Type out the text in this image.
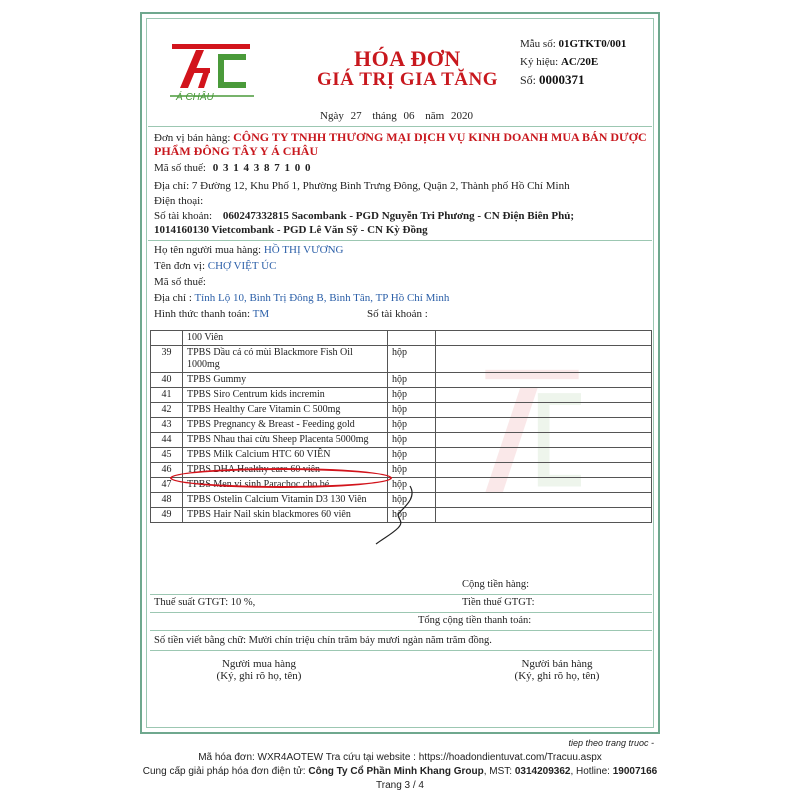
Á CHÂU
HÓA ĐƠN
GIÁ TRỊ GIA TĂNG
Mẫu số: 01GTKT0/001
Ký hiệu: AC/20E
Số: 0000371
Ngày 27 tháng 06 năm 2020
Đơn vị bán hàng: CÔNG TY TNHH THƯƠNG MẠI DỊCH VỤ KINH DOANH MUA BÁN DƯỢC
PHẨM ĐÔNG TÂY Y Á CHÂU
Mã số thuế: 0 3 1 4 3 8 7 1 0 0
Địa chỉ: 7 Đường 12, Khu Phố 1, Phường Bình Trưng Đông, Quận 2, Thành phố Hồ Chí Minh
Điện thoại:
Số tài khoản: 060247332815 Sacombank - PGD Nguyễn Tri Phương - CN Điện Biên Phủ;
1014160130 Vietcombank - PGD Lê Văn Sỹ - CN Kỳ Đồng
Họ tên người mua hàng: HỒ THỊ VƯƠNG
Tên đơn vị: CHỢ VIỆT ÚC
Mã số thuế:
Địa chỉ : Tỉnh Lộ 10, Bình Trị Đông B, Bình Tân, TP Hồ Chí Minh
Hình thức thanh toán: TM	Số tài khoản :
	100 Viên		
39	TPBS Dầu cá có mùi Blackmore Fish Oil 1000mg	hộp	
40	TPBS Gummy	hộp	
41	TPBS Siro Centrum kids incremin	hộp	
42	TPBS Healthy Care Vitamin C 500mg	hộp	
43	TPBS Pregnancy & Breast - Feeding gold	hộp	
44	TPBS Nhau thai cừu Sheep Placenta 5000mg	hộp	
45	TPBS Milk Calcium HTC 60 VIÊN	hộp	
46	TPBS DHA Healthy care 60 viên	hộp	
47	TPBS Men vi sinh Parachoc cho bé	hộp	
48	TPBS Ostelin Calcium Vitamin D3 130 Viên	hộp	
49	TPBS Hair Nail skin blackmores 60 viên	hộp	
Cộng tiền hàng:
Thuế suất GTGT: 10 %,	Tiền thuế GTGT:
Tổng cộng tiền thanh toán:
Số tiền viết bằng chữ: Mười chín triệu chín trăm bảy mươi ngàn năm trăm đồng.
Người mua hàng
(Ký, ghi rõ họ, tên)
Người bán hàng
(Ký, ghi rõ họ, tên)
tiep theo trang truoc -
Mã hóa đơn: WXR4AOTEW Tra cứu tại website : https://hoadondientuvat.com/Tracuu.aspx
Cung cấp giải pháp hóa đơn điện tử: Công Ty Cổ Phần Minh Khang Group, MST: 0314209362, Hotline: 19007166
Trang 3 / 4
